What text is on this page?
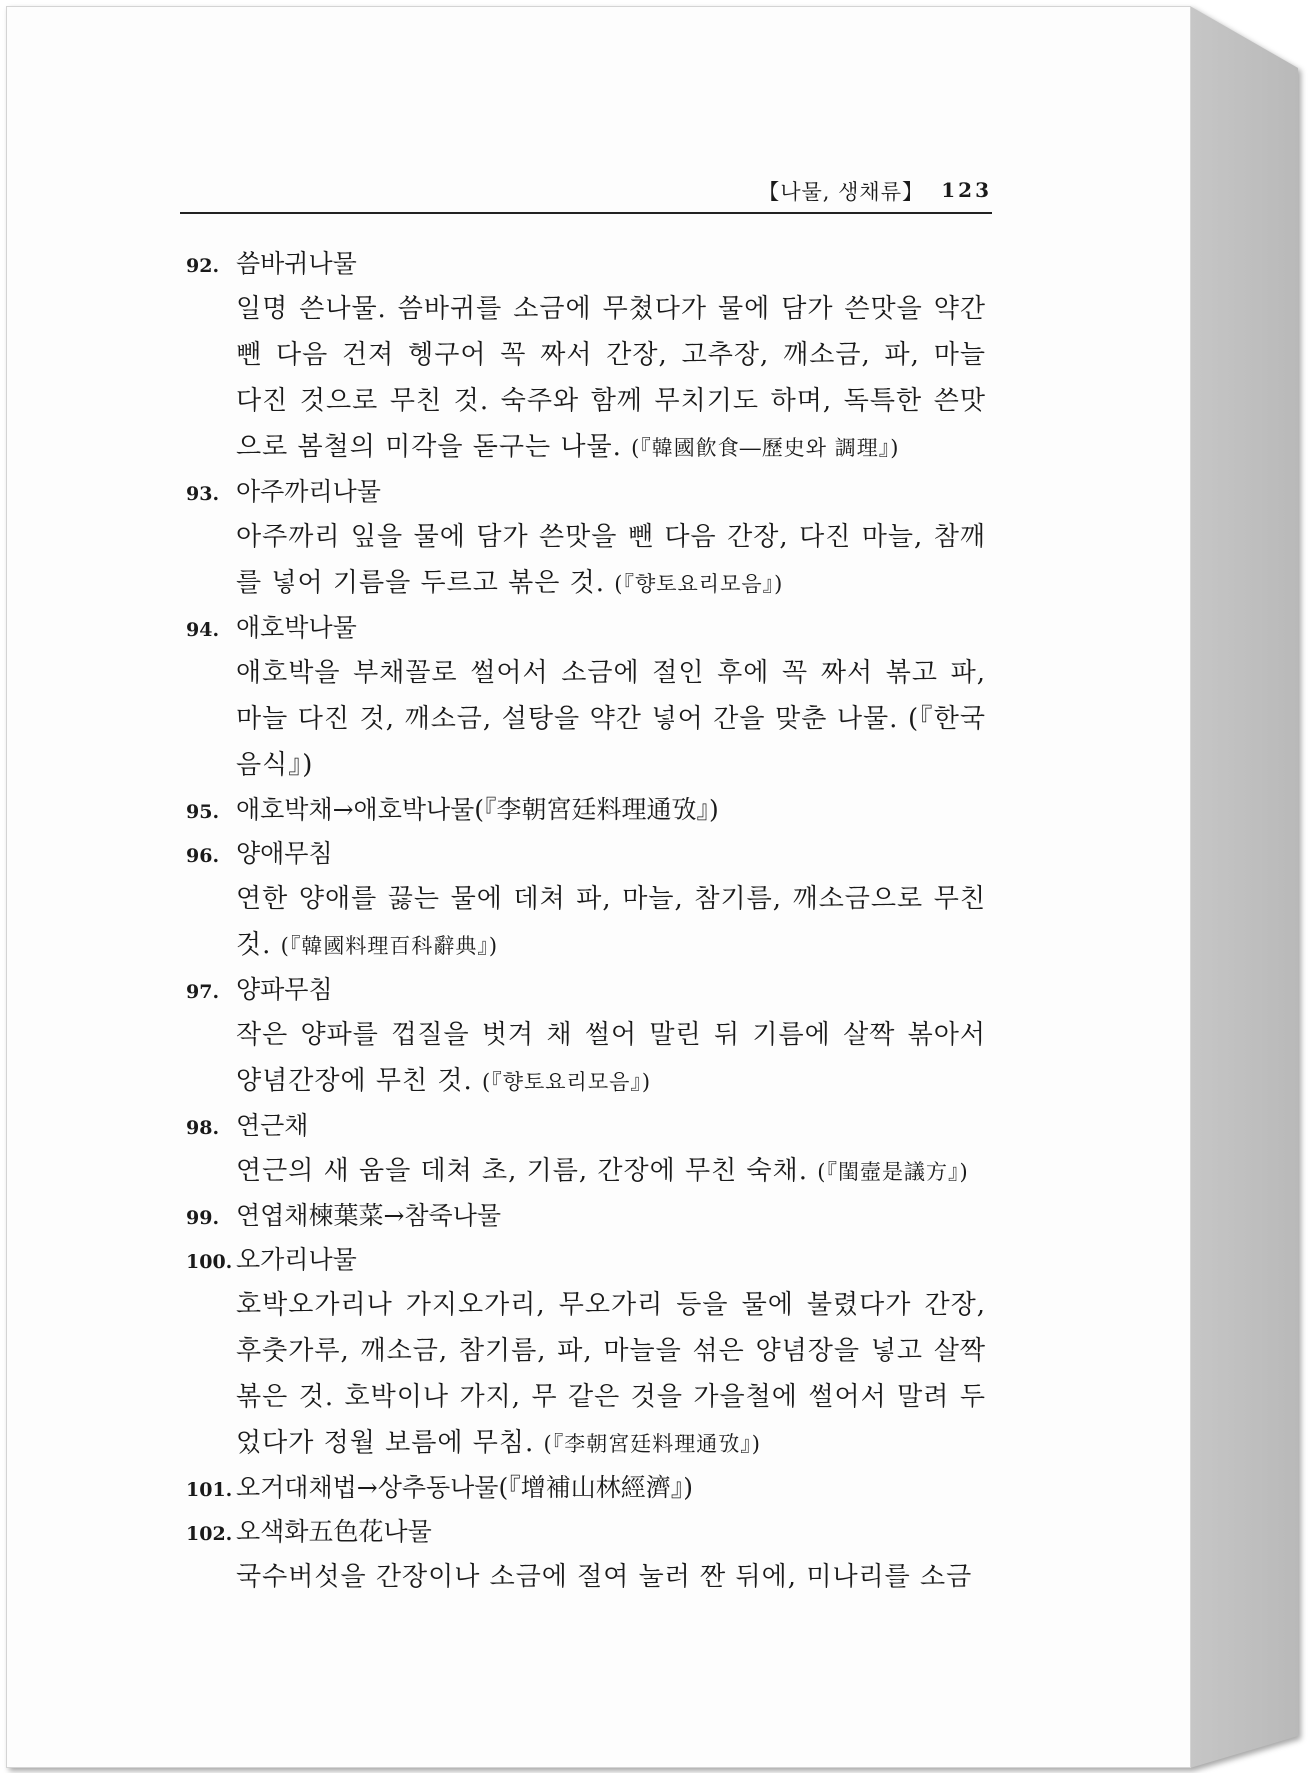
【나물, 생채류】 123
92. 씀바귀나물
일명 쓴나물. 씀바귀를 소금에 무쳤다가 물에 담가 쓴맛을 약간
뺀 다음 건져 헹구어 꼭 짜서 간장, 고추장, 깨소금, 파, 마늘
다진 것으로 무친 것. 숙주와 함께 무치기도 하며, 독특한 쓴맛
으로 봄철의 미각을 돋구는 나물. (『韓國飮食―歷史와 調理』)
93. 아주까리나물
아주까리 잎을 물에 담가 쓴맛을 뺀 다음 간장, 다진 마늘, 참깨
를 넣어 기름을 두르고 볶은 것. (『향토요리모음』)
94. 애호박나물
애호박을 부채꼴로 썰어서 소금에 절인 후에 꼭 짜서 볶고 파,
마늘 다진 것, 깨소금, 설탕을 약간 넣어 간을 맞춘 나물. (『한국
음식』)
95. 애호박채→애호박나물(『李朝宮廷料理通攷』)
96. 양애무침
연한 양애를 끓는 물에 데쳐 파, 마늘, 참기름, 깨소금으로 무친
것. (『韓國料理百科辭典』)
97. 양파무침
작은 양파를 껍질을 벗겨 채 썰어 말린 뒤 기름에 살짝 볶아서
양념간장에 무친 것. (『향토요리모음』)
98. 연근채
연근의 새 움을 데쳐 초, 기름, 간장에 무친 숙채. (『閨壼是議方』)
99. 연엽채楝葉菜→참죽나물
100. 오가리나물
호박오가리나 가지오가리, 무오가리 등을 물에 불렸다가 간장,
후춧가루, 깨소금, 참기름, 파, 마늘을 섞은 양념장을 넣고 살짝
볶은 것. 호박이나 가지, 무 같은 것을 가을철에 썰어서 말려 두
었다가 정월 보름에 무침. (『李朝宮廷料理通攷』)
101. 오거대채법→상추동나물(『增補山林經濟』)
102. 오색화五色花나물
국수버섯을 간장이나 소금에 절여 눌러 짠 뒤에, 미나리를 소금
